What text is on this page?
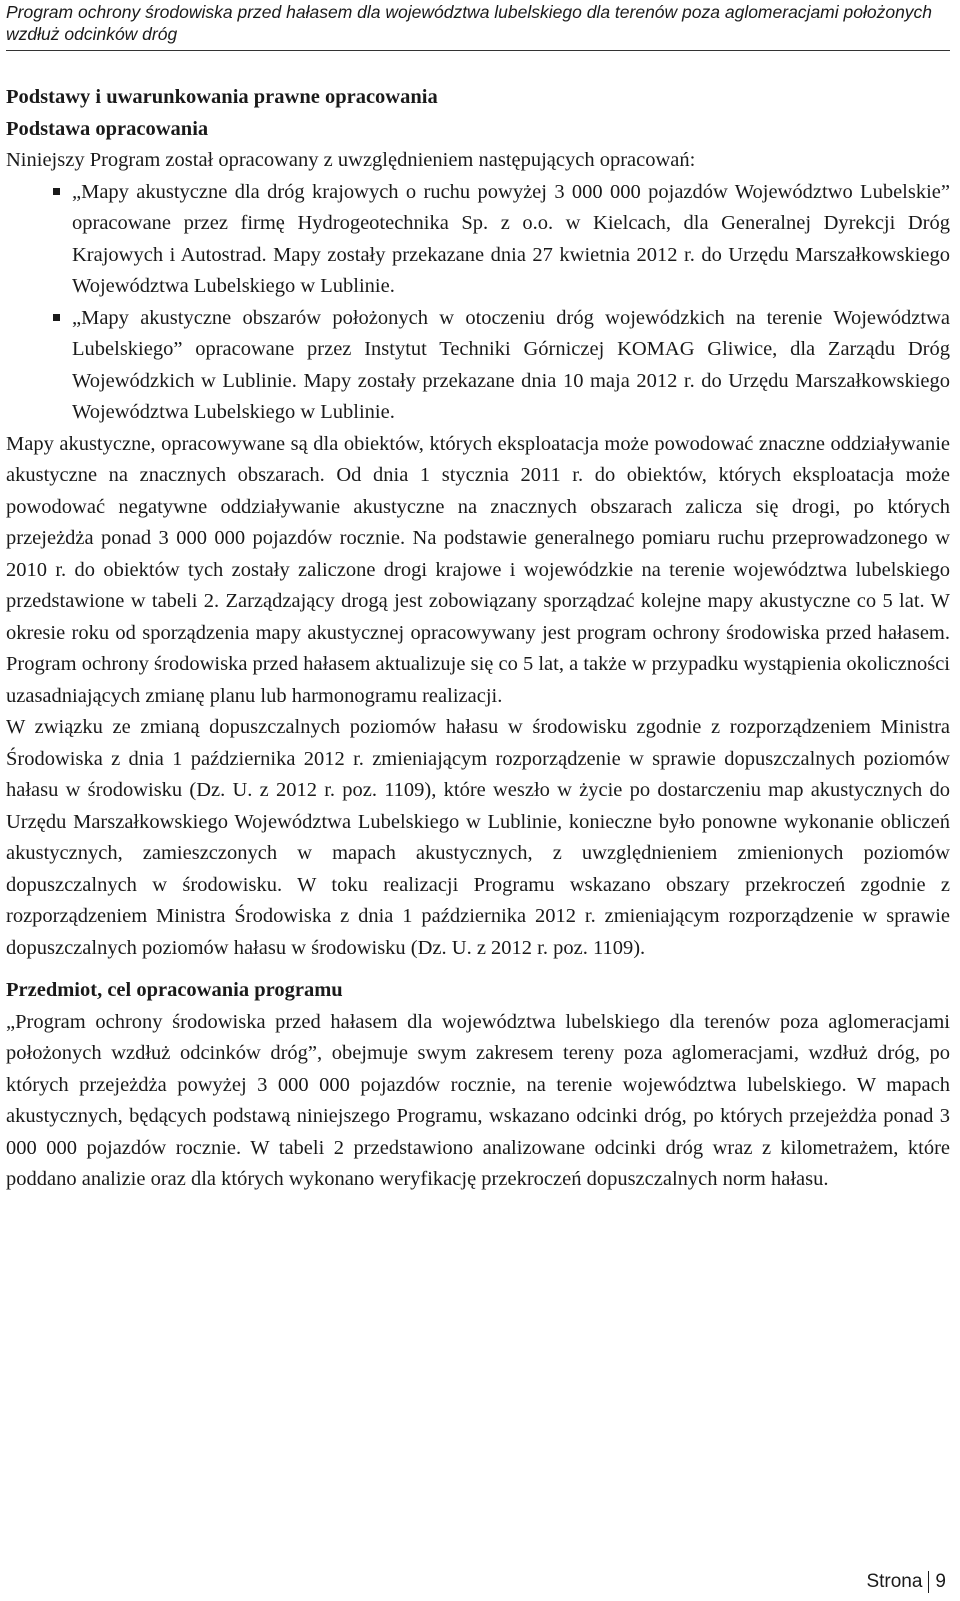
Program ochrony środowiska przed hałasem dla województwa lubelskiego dla terenów poza aglomeracjami położonych wzdłuż odcinków dróg

Podstawy i uwarunkowania prawne opracowania

Podstawa opracowania

Niniejszy Program został opracowany z uwzględnieniem następujących opracowań:

„Mapy akustyczne dla dróg krajowych o ruchu powyżej 3 000 000 pojazdów Województwo Lubelskie” opracowane przez firmę Hydrogeotechnika Sp. z o.o. w Kielcach, dla Generalnej Dyrekcji Dróg Krajowych i Autostrad. Mapy zostały przekazane dnia 27 kwietnia 2012 r. do Urzędu Marszałkowskiego Województwa Lubelskiego w Lublinie.
„Mapy akustyczne obszarów położonych w otoczeniu dróg wojewódzkich na terenie Województwa Lubelskiego” opracowane przez Instytut Techniki Górniczej KOMAG Gliwice, dla Zarządu Dróg Wojewódzkich w Lublinie. Mapy zostały przekazane dnia 10 maja 2012 r. do Urzędu Marszałkowskiego Województwa Lubelskiego w Lublinie.

Mapy akustyczne, opracowywane są dla obiektów, których eksploatacja może powodować znaczne oddziaływanie akustyczne na znacznych obszarach. Od dnia 1 stycznia 2011 r. do obiektów, których eksploatacja może powodować negatywne oddziaływanie akustyczne na znacznych obszarach zalicza się drogi, po których przejeżdża ponad 3 000 000 pojazdów rocznie. Na podstawie generalnego pomiaru ruchu przeprowadzonego w 2010 r. do obiektów tych zostały zaliczone drogi krajowe i wojewódzkie na terenie województwa lubelskiego przedstawione w tabeli 2. Zarządzający drogą jest zobowiązany sporządzać kolejne mapy akustyczne co 5 lat. W okresie roku od sporządzenia mapy akustycznej opracowywany jest program ochrony środowiska przed hałasem. Program ochrony środowiska przed hałasem aktualizuje się co 5 lat, a także w przypadku wystąpienia okoliczności uzasadniających zmianę planu lub harmonogramu realizacji.

W związku ze zmianą dopuszczalnych poziomów hałasu w środowisku zgodnie z rozporządzeniem Ministra Środowiska z dnia 1 października 2012 r. zmieniającym rozporządzenie w sprawie dopuszczalnych poziomów hałasu w środowisku (Dz. U. z 2012 r. poz. 1109), które weszło w życie po dostarczeniu map akustycznych do Urzędu Marszałkowskiego Województwa Lubelskiego w Lublinie, konieczne było ponowne wykonanie obliczeń akustycznych, zamieszczonych w mapach akustycznych, z uwzględnieniem zmienionych poziomów dopuszczalnych w środowisku. W toku realizacji Programu wskazano obszary przekroczeń zgodnie z rozporządzeniem Ministra Środowiska z dnia 1 października 2012 r. zmieniającym rozporządzenie w sprawie dopuszczalnych poziomów hałasu w środowisku (Dz. U. z 2012 r. poz. 1109).

Przedmiot, cel opracowania programu

„Program ochrony środowiska przed hałasem dla województwa lubelskiego dla terenów poza aglomeracjami położonych wzdłuż odcinków dróg”, obejmuje swym zakresem tereny poza aglomeracjami, wzdłuż dróg, po których przejeżdża powyżej 3 000 000 pojazdów rocznie, na terenie województwa lubelskiego. W mapach akustycznych, będących podstawą niniejszego Programu, wskazano odcinki dróg, po których przejeżdża ponad 3 000 000 pojazdów rocznie. W tabeli 2 przedstawiono analizowane odcinki dróg wraz z kilometrażem, które poddano analizie oraz dla których wykonano weryfikację przekroczeń dopuszczalnych norm hałasu.

Strona 9
